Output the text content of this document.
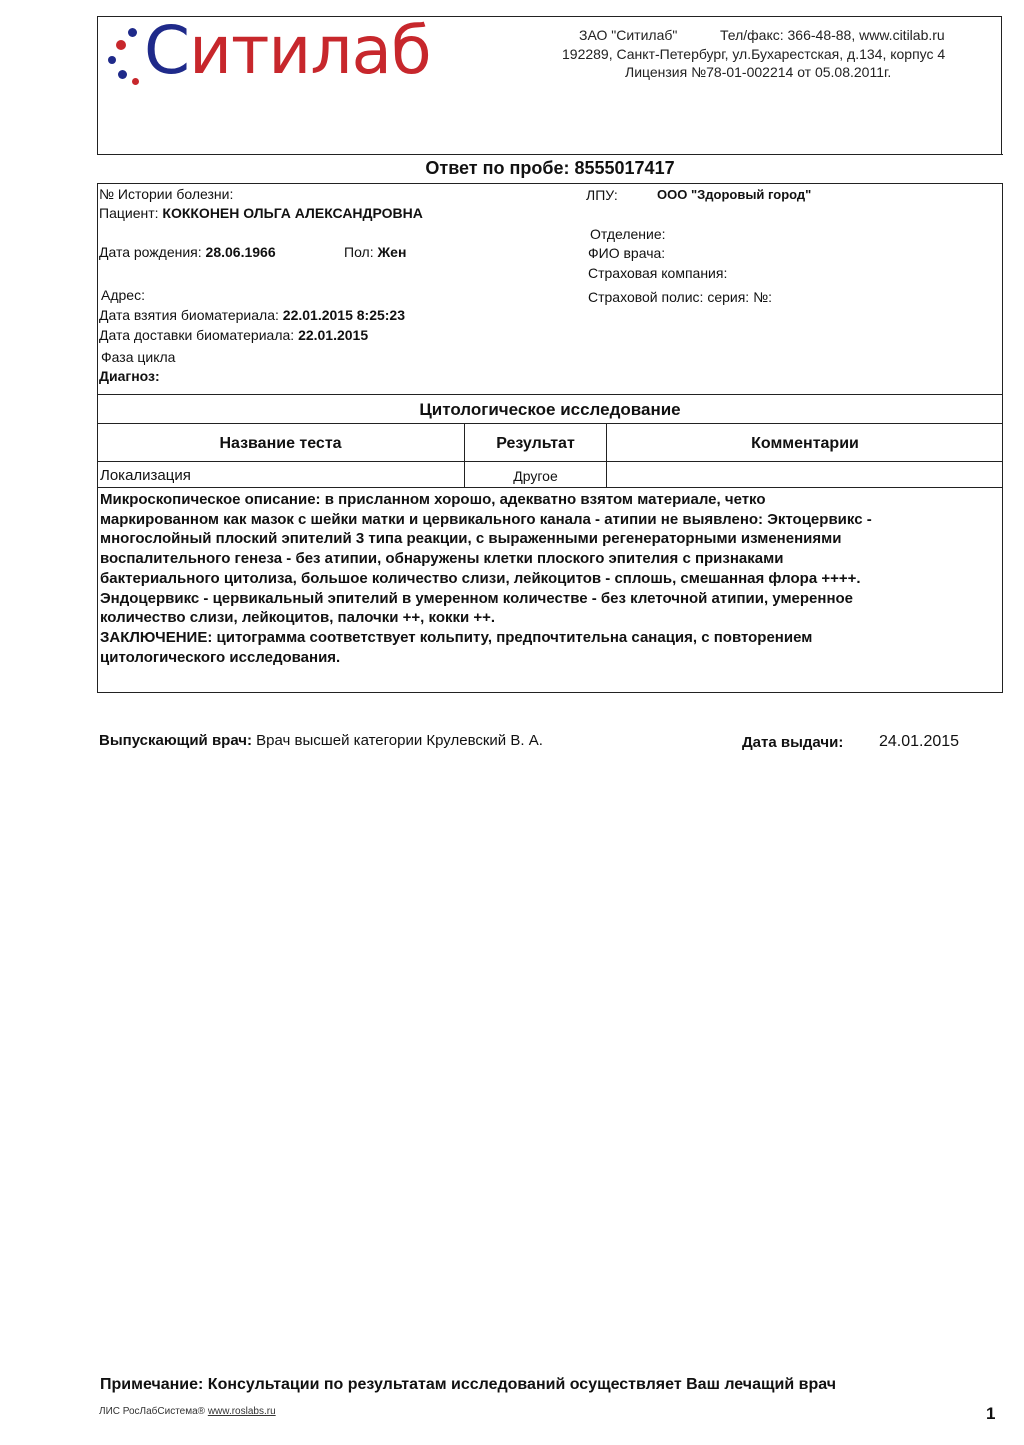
Ситилаб	ЗАО "Ситилаб"	Тел/факс: 366-48-88, www.citilab.ru
192289, Санкт-Петербург, ул.Бухарестская, д.134, корпус 4
Лицензия №78-01-002214 от 05.08.2011г.
Ответ по пробе: 8555017417
№ Истории болезни:
Пациент: КОККОНЕН ОЛЬГА АЛЕКСАНДРОВНА
Дата рождения: 28.06.1966	Пол: Жен
Адрес:
Дата взятия биоматериала: 22.01.2015 8:25:23
Дата доставки биоматериала: 22.01.2015
Фаза цикла
Диагноз:
ЛПУ:	ООО "Здоровый город"
Отделение:
ФИО врача:
Страховая компания:
Страховой полис: серия: №:
Цитологическое исследование
Название теста	Результат	Комментарии
Локализация	Другое

Микроскопическое описание: в присланном хорошо, адекватно взятом материале, четко

маркированном как мазок с шейки матки и цервикального канала - атипии не выявлено: Эктоцервикс -

многослойный плоский эпителий 3 типа реакции, с выраженными регенераторными изменениями

воспалительного генеза - без атипии, обнаружены клетки плоского эпителия с признаками

бактериального цитолиза, большое количество слизи, лейкоцитов - сплошь, смешанная флора ++++.

Эндоцервикс - цервикальный эпителий в умеренном количестве - без клеточной атипии, умеренное

количество слизи, лейкоцитов, палочки ++, кокки ++.

ЗАКЛЮЧЕНИЕ: цитограмма соответствует кольпиту, предпочтительна санация, с повторением

цитологического исследования.

Выпускающий врач: Врач высшей категории Крулевский В. А.	Дата выдачи: 24.01.2015
Примечание: Консультации по результатам исследований осуществляет Ваш лечащий врач
ЛИС РосЛабСистема® www.roslabs.ru	1
